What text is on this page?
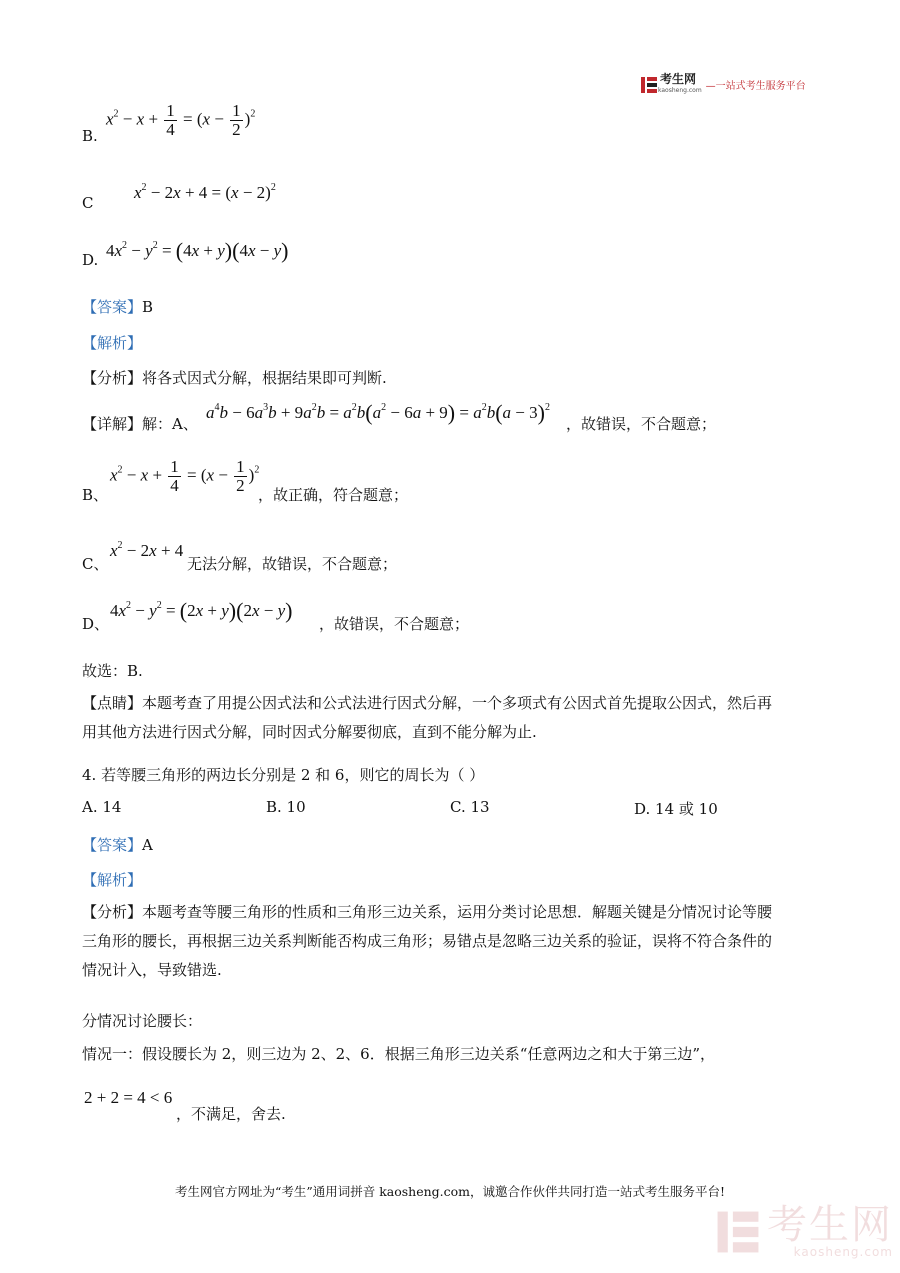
考生网
kaosheng.com —一站式考生服务平台
B.
$x^2 - x + \frac{1}{4} = (x - \frac{1}{2} )^2$
C
$x^2 - 2x + 4 = (x - 2)^2$
D. $4x^2 - y^2 = (4x + y)(4x - y)$
【答案】B
【解析】
【分析】将各式因式分解，根据结果即可判断.
【详解】解：A、
$a^4b - 6a^3b + 9a^2b = a^2b(a^2 - 6a + 9) = a^2b(a - 3)^2$
，故错误，不合题意；
B、
$x^2 - x + \frac{1}{4} = (x - \frac{1}{2} )^2$
，故正确，符合题意；
C、
$x^2 - 2x + 4$
无法分解，故错误，不合题意；
D、
$4x^2 - y^2 = (2x + y)(2x - y)$
，故错误，不合题意；
故选：B.
【点睛】本题考查了用提公因式法和公式法进行因式分解，一个多项式有公因式首先提取公因式，然后再
用其他方法进行因式分解，同时因式分解要彻底，直到不能分解为止.
4. 若等腰三角形的两边长分别是 2 和 6，则它的周长为（ ）
A. 14	B. 10	C. 13	D. 14 或 10
【答案】A
【解析】
【分析】本题考查等腰三角形的性质和三角形三边关系，运用分类讨论思想．解题关键是分情况讨论等腰
三角形的腰长，再根据三边关系判断能否构成三角形；易错点是忽略三边关系的验证，误将不符合条件的
情况计入，导致错选.
分情况讨论腰长：
情况一：假设腰长为 2，则三边为 2、2、6．根据三角形三边关系“任意两边之和大于第三边”，
2 + 2 = 4 < 6
，不满足，舍去.
考生网官方网址为“考生”通用词拼音 kaosheng.com，诚邀合作伙伴共同打造一站式考生服务平台!
考生网
kaosheng.com
